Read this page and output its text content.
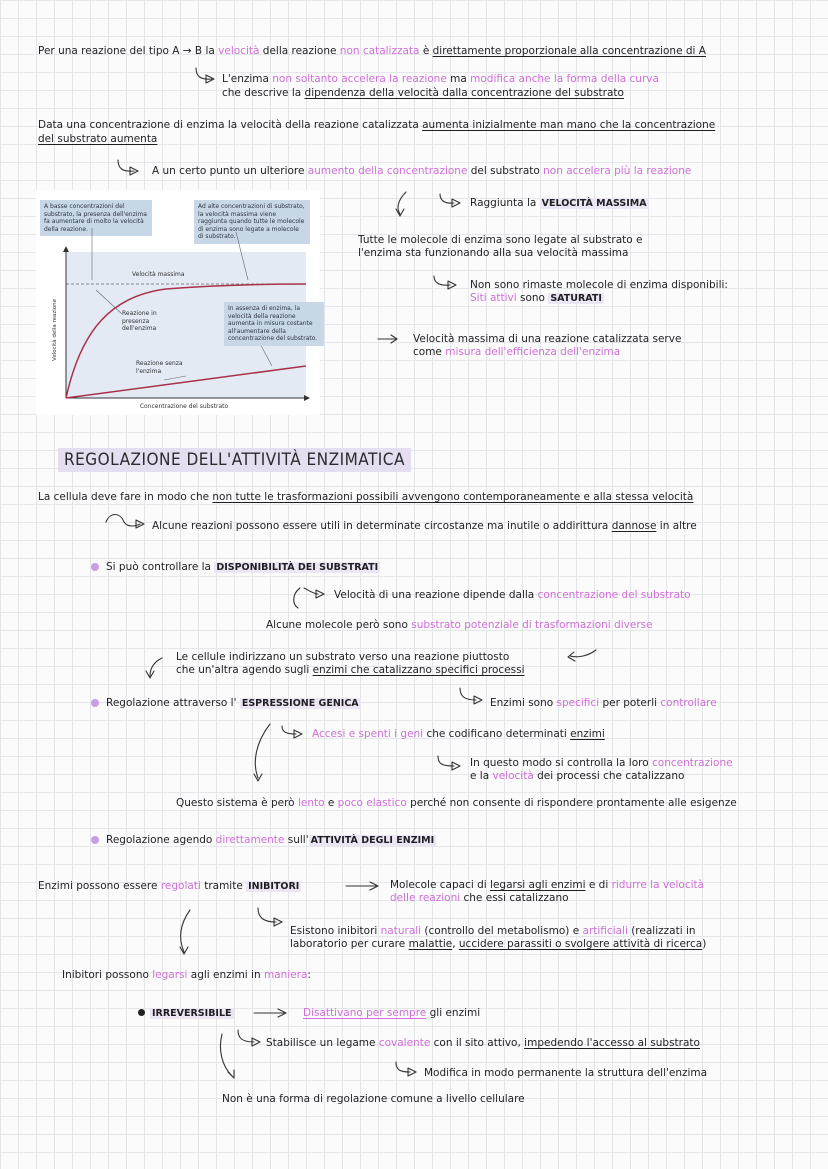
Per una reazione del tipo A → B la velocità della reazione non catalizzata è direttamente proporzionale alla concentrazione di A
L'enzima non soltanto accelera la reazione ma modifica anche la forma della curva
che descrive la dipendenza della velocità dalla concentrazione del substrato
Data una concentrazione di enzima la velocità della reazione catalizzata aumenta inizialmente man mano che la concentrazione
del substrato aumenta
A un certo punto un ulteriore aumento della concentrazione del substrato non accelera più la reazione
Raggiunta la VELOCITÀ MASSIMA
Tutte le molecole di enzima sono legate al substrato e
l'enzima sta funzionando alla sua velocità massima
Non sono rimaste molecole di enzima disponibili:
Siti attivi sono SATURATI
Velocità massima di una reazione catalizzata serve
come misura dell'efficienza dell'enzima
A basse concentrazioni del substrato, la presenza dell'enzima fa aumentare di molto la velocità della reazione.
Ad alte concentrazioni di substrato, la velocità massima viene raggiunta quando tutte le molecole di enzima sono legate a molecole di substrato.
Velocità massima
Velocità della reazione
Concentrazione del substrato
Reazione in presenza dell'enzima
Reazione senza l'enzima
In assenza di enzima, la velocità della reazione aumenta in misura costante all'aumentare della concentrazione del substrato.
REGOLAZIONE DELL'ATTIVITÀ ENZIMATICA
La cellula deve fare in modo che non tutte le trasformazioni possibili avvengono contemporaneamente e alla stessa velocità
Alcune reazioni possono essere utili in determinate circostanze ma inutile o addirittura dannose in altre
Si può controllare la DISPONIBILITÀ DEI SUBSTRATI
Velocità di una reazione dipende dalla concentrazione del substrato
Alcune molecole però sono substrato potenziale di trasformazioni diverse
Le cellule indirizzano un substrato verso una reazione piuttosto
che un'altra agendo sugli enzimi che catalizzano specifici processi
Regolazione attraverso l' ESPRESSIONE GENICA	Enzimi sono specifici per poterli controllare
Accesi e spenti i geni che codificano determinati enzimi
In questo modo si controlla la loro concentrazione
e la velocità dei processi che catalizzano
Questo sistema è però lento e poco elastico perché non consente di rispondere prontamente alle esigenze
Regolazione agendo direttamente sull' ATTIVITÀ DEGLI ENZIMI
Enzimi possono essere regolati tramite INIBITORI	Molecole capaci di legarsi agli enzimi e di ridurre la velocità
delle reazioni che essi catalizzano
Esistono inibitori naturali (controllo del metabolismo) e artificiali (realizzati in
laboratorio per curare malattie, uccidere parassiti o svolgere attività di ricerca)
Inibitori possono legarsi agli enzimi in maniera:
IRREVERSIBILE	Disattivano per sempre gli enzimi
Stabilisce un legame covalente con il sito attivo, impedendo l'accesso al substrato
Modifica in modo permanente la struttura dell'enzima
Non è una forma di regolazione comune a livello cellulare
